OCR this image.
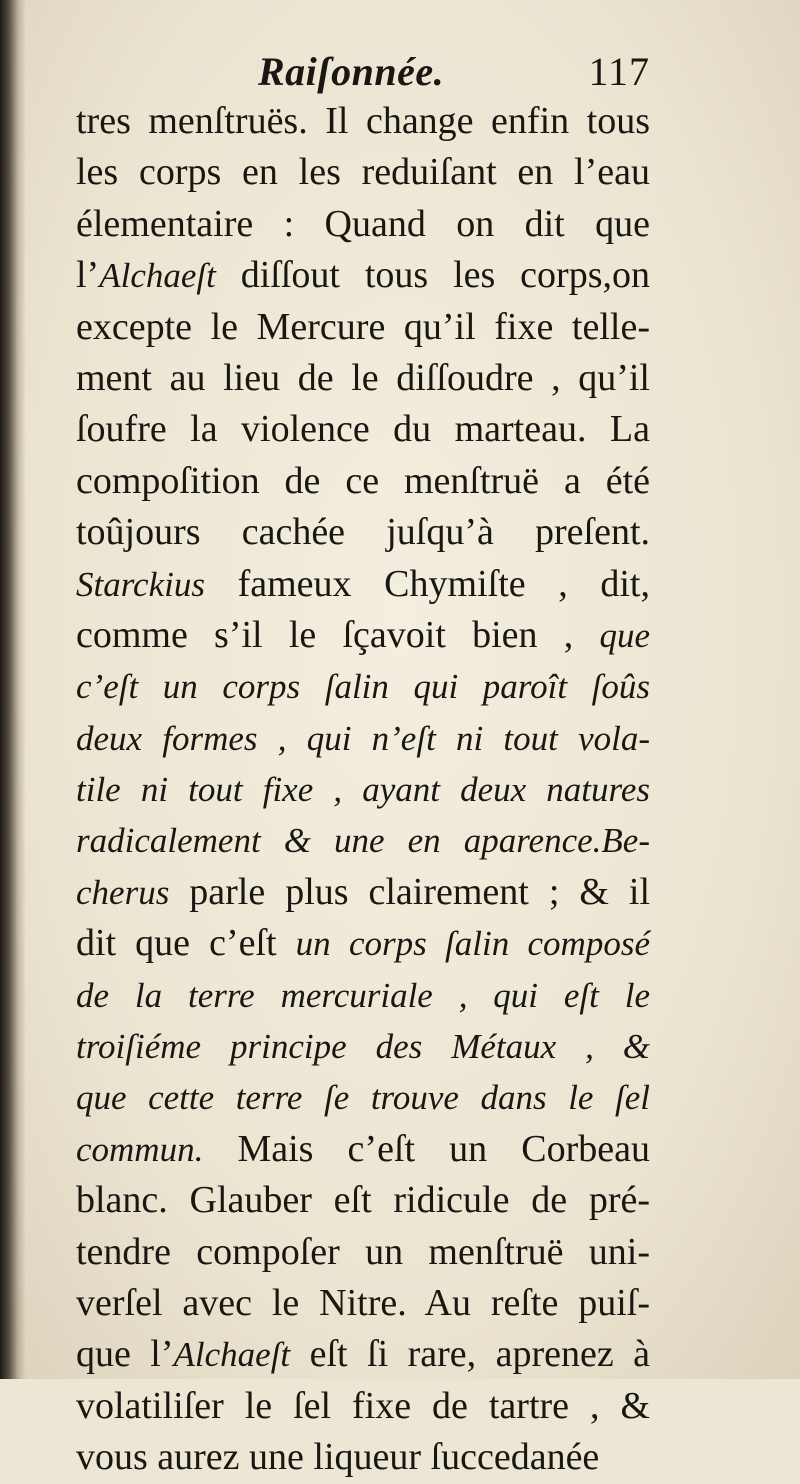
Raiſonnée.	117
tres menſtruës. Il change enfin tous
les corps en les reduiſant en l’eau
élementaire : Quand on dit que
l’Alchaeſt diſſout tous les corps,on
excepte le Mercure qu’il fixe telle-
ment au lieu de le diſſoudre , qu’il
ſoufre la violence du marteau. La
compoſition de ce menſtruë a été
toûjours cachée juſqu’à preſent.
Starckius fameux Chymiſte , dit,
comme s’il le ſçavoit bien , que
c’eſt un corps ſalin qui paroît ſoûs
deux formes , qui n’eſt ni tout vola-
tile ni tout fixe , ayant deux natures
radicalement & une en aparence.Be-
cherus parle plus clairement ; & il
dit que c’eſt un corps ſalin composé
de la terre mercuriale , qui eſt le
troiſiéme principe des Métaux , &
que cette terre ſe trouve dans le ſel
commun. Mais c’eſt un Corbeau
blanc. Glauber eſt ridicule de pré-
tendre compoſer un menſtruë uni-
verſel avec le Nitre. Au reſte puiſ-
que l’Alchaeſt eſt ſi rare, aprenez à
volatiliſer le ſel fixe de tartre , &
vous aurez une liqueur ſuccedanée
